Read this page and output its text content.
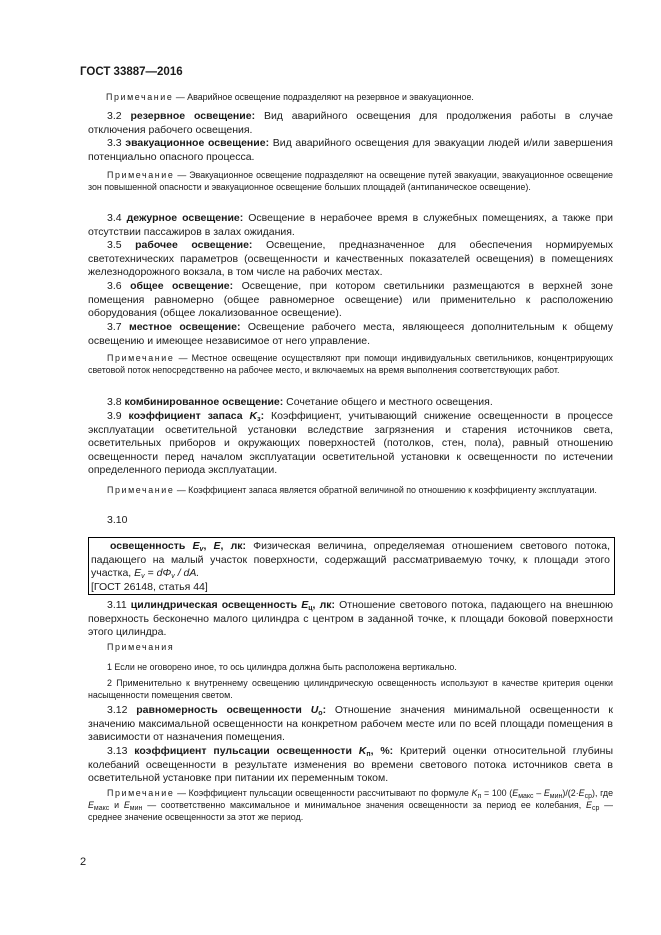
ГОСТ 33887—2016
Примечание — Аварийное освещение подразделяют на резервное и эвакуационное.
3.2 резервное освещение: Вид аварийного освещения для продолжения работы в случае отключения рабочего освещения.
3.3 эвакуационное освещение: Вид аварийного освещения для эвакуации людей и/или завершения потенциально опасного процесса.
Примечание — Эвакуационное освещение подразделяют на освещение путей эвакуации, эвакуационное освещение зон повышенной опасности и эвакуационное освещение больших площадей (антипаническое освещение).
3.4 дежурное освещение: Освещение в нерабочее время в служебных помещениях, а также при отсутствии пассажиров в залах ожидания.
3.5 рабочее освещение: Освещение, предназначенное для обеспечения нормируемых светотехнических параметров (освещенности и качественных показателей освещения) в помещениях железнодорожного вокзала, в том числе на рабочих местах.
3.6 общее освещение: Освещение, при котором светильники размещаются в верхней зоне помещения равномерно (общее равномерное освещение) или применительно к расположению оборудования (общее локализованное освещение).
3.7 местное освещение: Освещение рабочего места, являющееся дополнительным к общему освещению и имеющее независимое от него управление.
Примечание — Местное освещение осуществляют при помощи индивидуальных светильников, концентрирующих световой поток непосредственно на рабочее место, и включаемых на время выполнения соответствующих работ.
3.8 комбинированное освещение: Сочетание общего и местного освещения.
3.9 коэффициент запаса $K_з$: Коэффициент, учитывающий снижение освещенности в процессе эксплуатации осветительной установки вследствие загрязнения и старения источников света, осветительных приборов и окружающих поверхностей (потолков, стен, пола), равный отношению освещенности перед началом эксплуатации осветительной установки к освещенности по истечении определенного периода эксплуатации.
Примечание — Коэффициент запаса является обратной величиной по отношению к коэффициенту эксплуатации.
3.10
освещенность $E_v$, E, лк: Физическая величина, определяемая отношением светового потока, падающего на малый участок поверхности, содержащий рассматриваемую точку, к площади этого участка, $E_v = d\Phi_v$ / dA.
[ГОСТ 26148, статья 44]
3.11 цилиндрическая освещенность $E_ц$, лк: Отношение светового потока, падающего на внешнюю поверхность бесконечно малого цилиндра с центром в заданной точке, к площади боковой поверхности этого цилиндра.
Примечания
1 Если не оговорено иное, то ось цилиндра должна быть расположена вертикально.
2 Применительно к внутреннему освещению цилиндрическую освещенность используют в качестве критерия оценки насыщенности помещения светом.
3.12 равномерность освещенности $U_о$: Отношение значения минимальной освещенности к значению максимальной освещенности на конкретном рабочем месте или по всей площади помещения в зависимости от назначения помещения.
3.13 коэффициент пульсации освещенности $K_п$, %: Критерий оценки относительной глубины колебаний освещенности в результате изменения во времени светового потока источников света в осветительной установке при питании их переменным током.
Примечание — Коэффициент пульсации освещенности рассчитывают по формуле $K_п = 100$ $(E_{макс} - E_{мин})/(2\cdot E_{ср})$, где $E_{макс}$ и $E_{мин}$ — соответственно максимальное и минимальное значения освещенности за период ее колебания, $E_{ср}$ — среднее значение освещенности за этот же период.
2
